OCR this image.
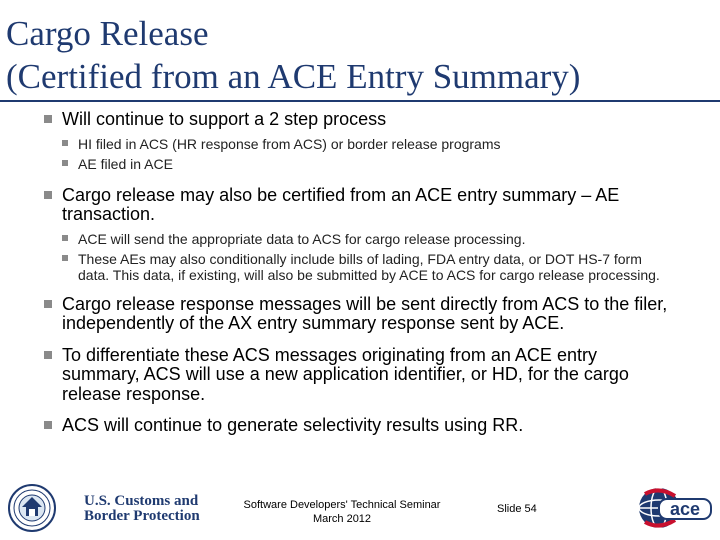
Cargo Release
(Certified from an ACE Entry Summary)
Will continue to support a 2 step process
HI filed in ACS (HR response from ACS) or border release programs
AE filed in ACE
Cargo release may also be certified from an ACE entry summary – AE transaction.
ACE will send the appropriate data to ACS for cargo release processing.
These AEs may also conditionally include bills of lading, FDA entry data, or DOT HS-7 form data. This data, if existing, will also be submitted by ACE to ACS for cargo release processing.
Cargo release response messages will be sent directly from ACS to the filer, independently of the AX entry summary response sent by ACE.
To differentiate these ACS messages originating from an ACE entry summary, ACS will use a new application identifier, or HD, for the cargo release response.
ACS will continue to generate selectivity results using RR.
U.S. Customs and
Border Protection
Software Developers' Technical Seminar
March 2012
Slide 54	ace
